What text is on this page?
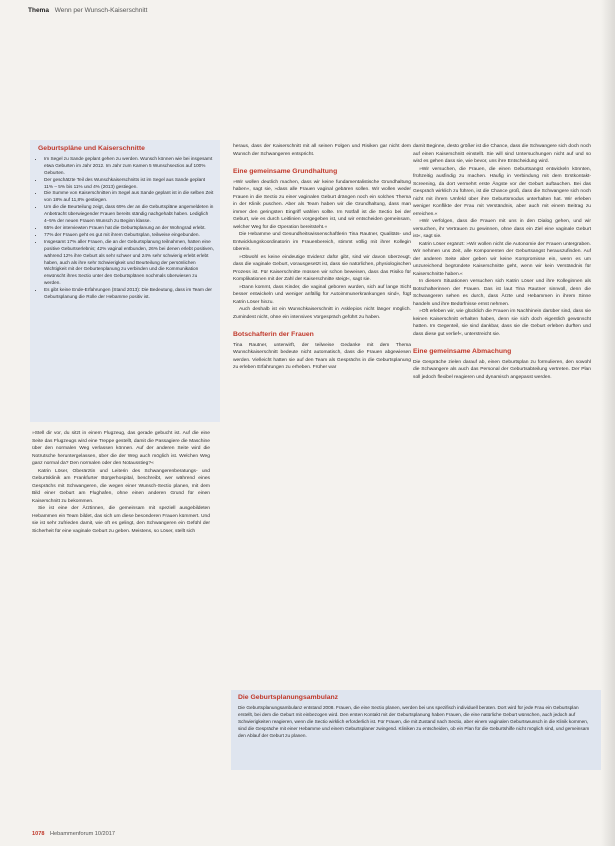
Thema Wenn per Wunsch-Kaiserschnitt
Geburtspläne und Kaiserschnitte
• Im Segel zu Sande geplant gehen zu werden. Wunsch können wie bei insgesamt etwa Geburten im Jahr 2012. Im Jahr zum Kamen 5 Wunschsectios auf 100% Geburten.
• Der geschätzte Teil des Wunschkaiserschnitts ist im Segel aus Sande geplant 11% – 5% bis 11% und 4% (2013) gestiegen.
• Die Summe von Kaiserschnitten im Segel aus Sande geplant ist in die selben Zeit von 18% auf 11,8% gestiegen.
• Um die die Beurteilung zeigt, dass 69% der an die Geburtspläne angemeldeten in Anbetracht überwiegender Frauen bereits ständig nachgehabt haben. Lediglich 4–5% der neuen Frauen Wunsch zu Beginn klasse.
• 65% der interviewten Frauen hat die Geburtsplanung an der Wohngrad erlebt.
• 77% der Frauen geht es gut mit ihrem Geburtsplan, teilweise eingebunden.
• Insgesamt 17% aller Frauen, die an der Geburtsplanung teilnahmen, hatten eine positive Geburtserlebnis; 42% vaginal entbunden, 26% bei denen erlebt positiven, während 12% ihre Geburt als sehr schwer und 24% sehr schwierig erlebt erlebt haben, auch als ihre sehr Schwierigkeit und Beurteilung der persönlichen Wichtigkeit mit der Geburtenplanung zu verbinden und die Kommunikation erwünscht ihres Sectio unter den Geburtsplänen nochmals überwiesen zu werden.
• Es gibt keine Ende-Erfahrungen (Stand 2013): Die Bedeutung, dass im Team der Geburtsplanung die Rolle der Hebamme positiv ist.

»Stell dir vor, du sitzt in einem Flugzeug, das gerade gebucht ist. Auf die eine Seite das Flugzeugs wird eine Treppe gestellt, damit die Passagiere die Maschine über den normalen Weg verlassen können. Auf der anderen Seite wird die Notrutsche heruntergelassen, über die der Weg auch möglich ist. Welchen Weg ganz normal da? Den normalen oder den Notausstieg?«

Katrin Löser, Oberärztin und Leiterin des Schwangerenberatungs- und Geburtsklinik am Frankfurter Bürgerhospital, beschreibt, wer während eines Gesprächs mit Schwangeren, die wegen einer Wunsch-Sectio planen, mit dem Bild einer Geburt am Flughafen, ohne einen anderen Grund für einen Kaiserschnitt zu bekommen.

Sie ist eine der Ärztinnen, die gemeinsam mit speziell ausgebildeten Hebammen ein Team bildet, das sich um diese besonderen Frauen kümmert. Und sie ist sehr zufrieden damit, wie oft es gelingt, den Schwangeren ein Gefühl der Sicherheit für eine vaginale Geburt zu geben. Meistens, so Löser, stellt sich

heraus, dass der Kaiserschnitt mit all seinen Folgen und Risiken gar nicht dem Wunsch der Schwangeren entspricht.

Eine gemeinsame Grundhaltung

»Wir wollen deutlich machen, dass wir keine fundamentalistische Grundhaltung haben«, sagt sie, »dass alle Frauen vaginal gebären sollen. Wir wollen weder Frauen in die Sectio zu einer vaginalen Geburt drängen noch ein solches Thema in der Klinik puschen. Aber als Team haben wir die Grundhaltung, dass man immer den geringsten Eingriff wählen sollte. Im Notfall ist die Sectio bei der Geburt, wie es durch Leitlinien vorgegeben ist, und wir entscheiden gemeinsam, welcher Weg für die Operation bereitsteht.«

Die Hebamme und Gesundheitswissenschaftlerin Tina Rautner, Qualitäts- und Entwicklungskoordinatorin im Frauenbereich, stimmt völlig mit ihrer Kollegin überein.

»Obwohl es keine eindeutige Evidenz dafür gibt, sind wir davon überzeugt, dass die vaginale Geburt, vorausgesetzt ist, dass sie natürlichen, physiologischen Prozess ist. Für Kaiserschnitte müssen wir schon beweisen, dass das Risiko für Komplikationen mit der Zahl der Kaiserschnitte steigt«, sagt sie.

»Dann kommt, dass Kinder, die vaginal geboren wurden, sich auf lange Sicht besser entwickeln und weniger anfällig für Autoimmunerkrankungen sind«, fügt Katrin Löser hinzu.

Auch deshalb ist ein Wunschkaiserschnitt in Asklepios nicht länger möglich. Zumindest nicht, ohne ein intensives Vorgespräch geführt zu haben.

Botschafterin der Frauen

Tina Rautner, unterwirft, der teilweise Gedanke mit dem Thema Wunschkaiserschnitt bedeute nicht automatisch, dass die Frauen abgewiesen werden. Vielleicht hatten sie auf den Team als Gesprächs in die Geburtsplanung zu erleben Erfahrungen zu erheben. Früher war

damit Beginne, desto größer ist die Chance, dass die Schwangere sich doch noch auf einen Kaiserschnitt einstellt. Sie will sind Untersuchungen nicht auf und so wird es gehen dass sie, wie bevor, uns ihre Entscheidung wird.

»Wir versuchen, die Frauen, die einen Geburtsangst entwickeln könnten, frühzeitig ausfindig zu machen. Häufig in Verbindung mit dem Erstkontakt-Screening, da dort vermehrt erste Ängste vor der Geburt auftauchen. Bei das Gespräch wirklich zu führen, ist die Chance groß, dass die Schwangere sich noch nicht mit ihrem Umfeld über ihre Geburtsmodus unterhalten hat. Wir erleben weniger Konflikte der Frau mit Verständnis, aber auch mit einem Beitrag zu erreichen.«

»Wir verfolgen, dass die Frauen mit uns in den Dialog gehen, und wir versuchen, ihr Vertrauen zu gewinnen, ohne dass ein Ziel eine vaginale Geburt ist«, sagt sie.

Katrin Löser ergänzt: »Wir wollen nicht die Autonomie der Frauen untergraben. Wir nehmen uns Zeit, alle Komponenten der Geburtsangst herauszufinden. Auf der anderen Seite aber geben wir keine Kompromisse ein, wenn es um unzureichend begründete Kaiserschnitte geht, wenn wir kein Verständnis für Kaiserschnitte haben.«

In diesem Situationen versuchen sich Katrin Löser und ihre Kolleginnen als Botschafterinnen der Frauen. Das ist laut Tina Rautner sinnvoll, denn die Schwangeren sehen es durch, dass Ärzte und Hebammen in ihrem Sinne handeln und ihre Bedürfnisse ernst nehmen.

»Oft erleben wir, wie glücklich die Frauen im Nachhinein darüber sind, dass sie keinen Kaiserschnitt erhalten haben, denn sie sich doch eigentlich gewünscht hatten. Im Gegenteil, sie sind dankbar, dass sie die Geburt erleben durften und dass diese gut verlief«, unterstreicht sie.

Eine gemeinsame Abmachung

Die Gespräche zielen darauf ab, einen Geburtsplan zu formulieren, den sowohl die Schwangere als auch das Personal der Geburtsabteilung vertreten. Der Plan soll jedoch flexibel reagieren und dynamisch angepasst werden.

Die Geburtsplanungsambulanz
Die Geburtsplanungsambulanz entstand 2008. Frauen, die eine Sectio planen, werden bei uns spezifisch individuell beraten. Dort wird für jede Frau ein Geburtsplan erstellt, bei dem die Geburt mit einbezogen wird. Den ersten Kontakt mit der Geburtsplanung haben Frauen, die eine natürliche Geburt wünschen, auch jedoch auf Schwierigkeiten reagieren, wenn die Sectio wirklich erforderlich ist. Für Frauen, die mit Zustand nach Sectio, aber einem vaginalen Geburtswunsch in die Klinik kommen, sind die Gespräche mit einer Hebamme und einem Geburtsplaner zwingend. Kliniken zu entscheiden, ob ein Plan für die Geburtshilfe nicht möglich sind, und gemeinsam den Ablauf der Geburt zu planen.
1078 Hebammenforum 10/2017
